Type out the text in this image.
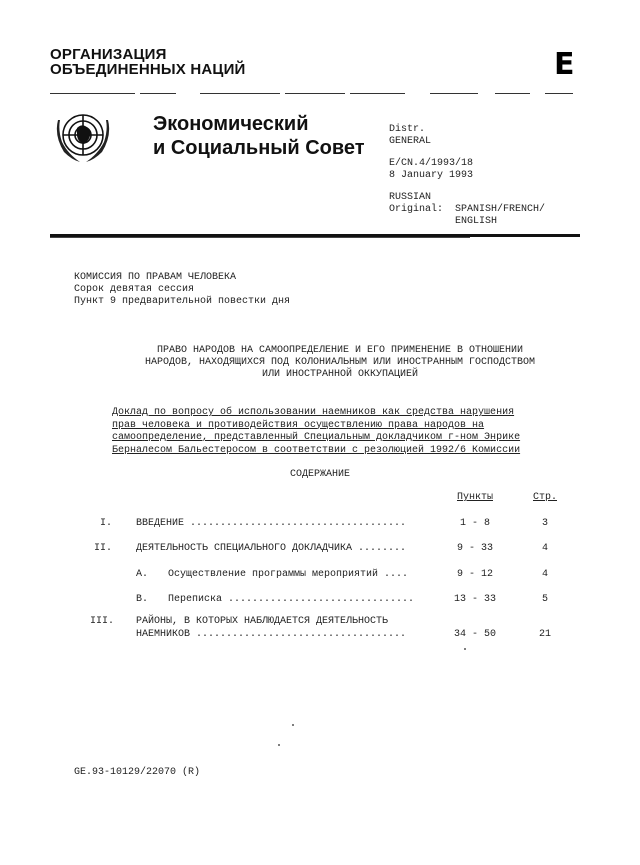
ОРГАНИЗАЦИЯ
ОБЪЕДИНЕННЫХ НАЦИЙ	E
Экономический
и Социальный Совет
Distr.
GENERAL
E/CN.4/1993/18
8 January 1993
RUSSIAN
Original:	SPANISH/FRENCH/
ENGLISH
КОМИССИЯ ПО ПРАВАМ ЧЕЛОВЕКА
Сорок девятая сессия
Пункт 9 предварительной повестки дня
ПРАВО НАРОДОВ НА САМООПРЕДЕЛЕНИЕ И ЕГО ПРИМЕНЕНИЕ В ОТНОШЕНИИ
НАРОДОВ, НАХОДЯЩИХСЯ ПОД КОЛОНИАЛЬНЫМ ИЛИ ИНОСТРАННЫМ ГОСПОДСТВОМ
ИЛИ ИНОСТРАННОЙ ОККУПАЦИЕЙ
Доклад по вопросу об использовании наемников как средства нарушения
прав человека и противодействия осуществлению права народов на
самоопределение, представленный Специальным докладчиком г-ном Энрике
Берналесом Бальестеросом в соответствии с резолюцией 1992/6 Комиссии
СОДЕРЖАНИЕ
Пункты	Стр.
I. ВВЕДЕНИЕ ....................................	1 - 8	3
II. ДЕЯТЕЛЬНОСТЬ СПЕЦИАЛЬНОГО ДОКЛАДЧИКА ........	9 - 33	4
A. Осуществление программы мероприятий ....	9 - 12	4
B. Переписка ...............................	13 - 33	5
III. РАЙОНЫ, В КОТОРЫХ НАБЛЮДАЕТСЯ ДЕЯТЕЛЬНОСТЬ
НАЕМНИКОВ ...................................	34 - 50	21
GE.93-10129/22070 (R)
